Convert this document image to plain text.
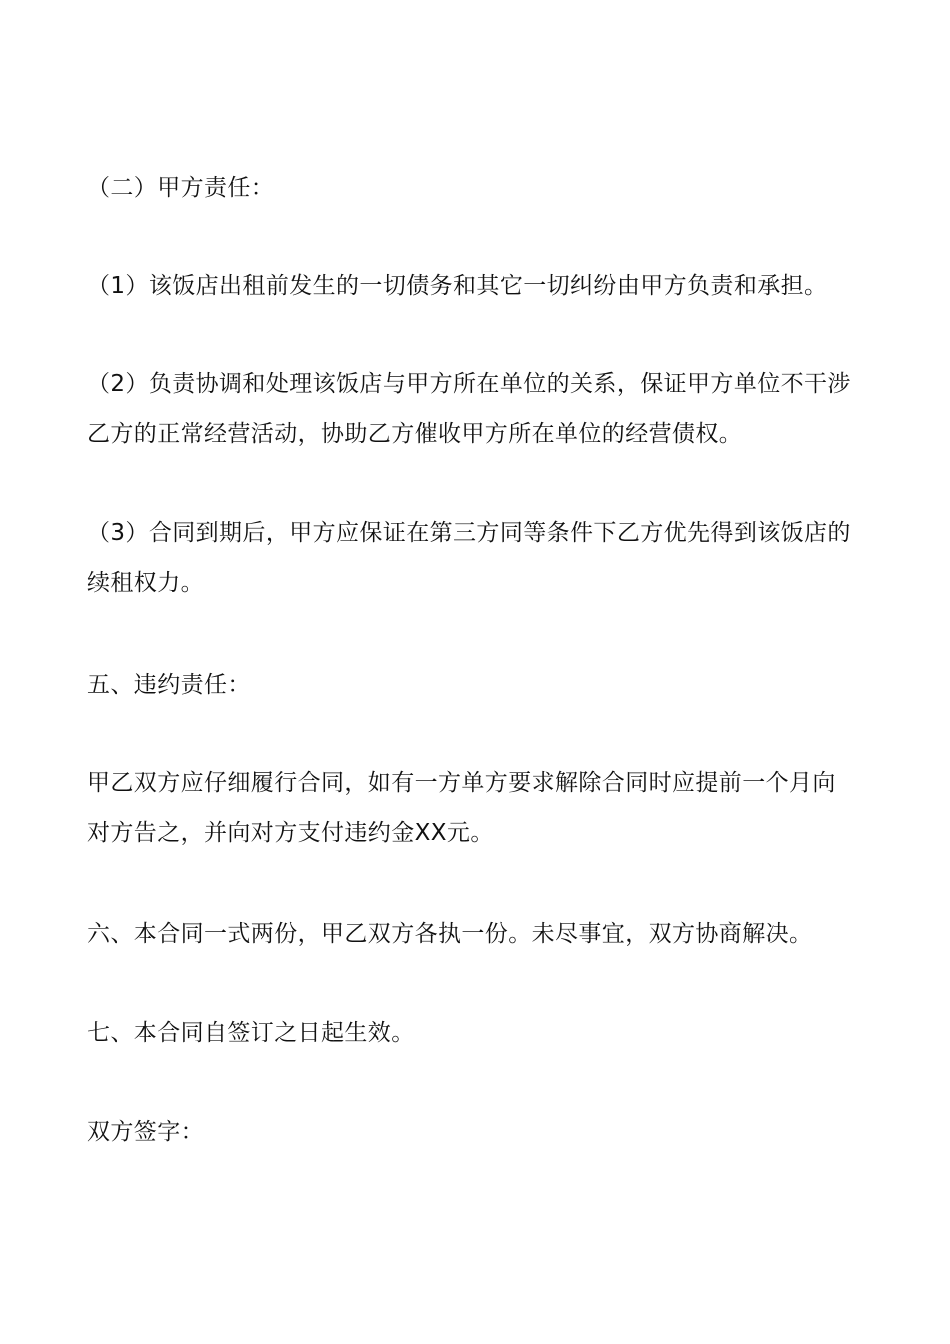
（二）甲方责任：
（1）该饭店出租前发生的一切债务和其它一切纠纷由甲方负责和承担。
（2）负责协调和处理该饭店与甲方所在单位的关系，保证甲方单位不干涉
乙方的正常经营活动，协助乙方催收甲方所在单位的经营债权。
（3）合同到期后，甲方应保证在第三方同等条件下乙方优先得到该饭店的
续租权力。
五、违约责任：
甲乙双方应仔细履行合同，如有一方单方要求解除合同时应提前一个月向
对方告之，并向对方支付违约金XX元。
六、本合同一式两份，甲乙双方各执一份。未尽事宜，双方协商解决。
七、本合同自签订之日起生效。
双方签字：
